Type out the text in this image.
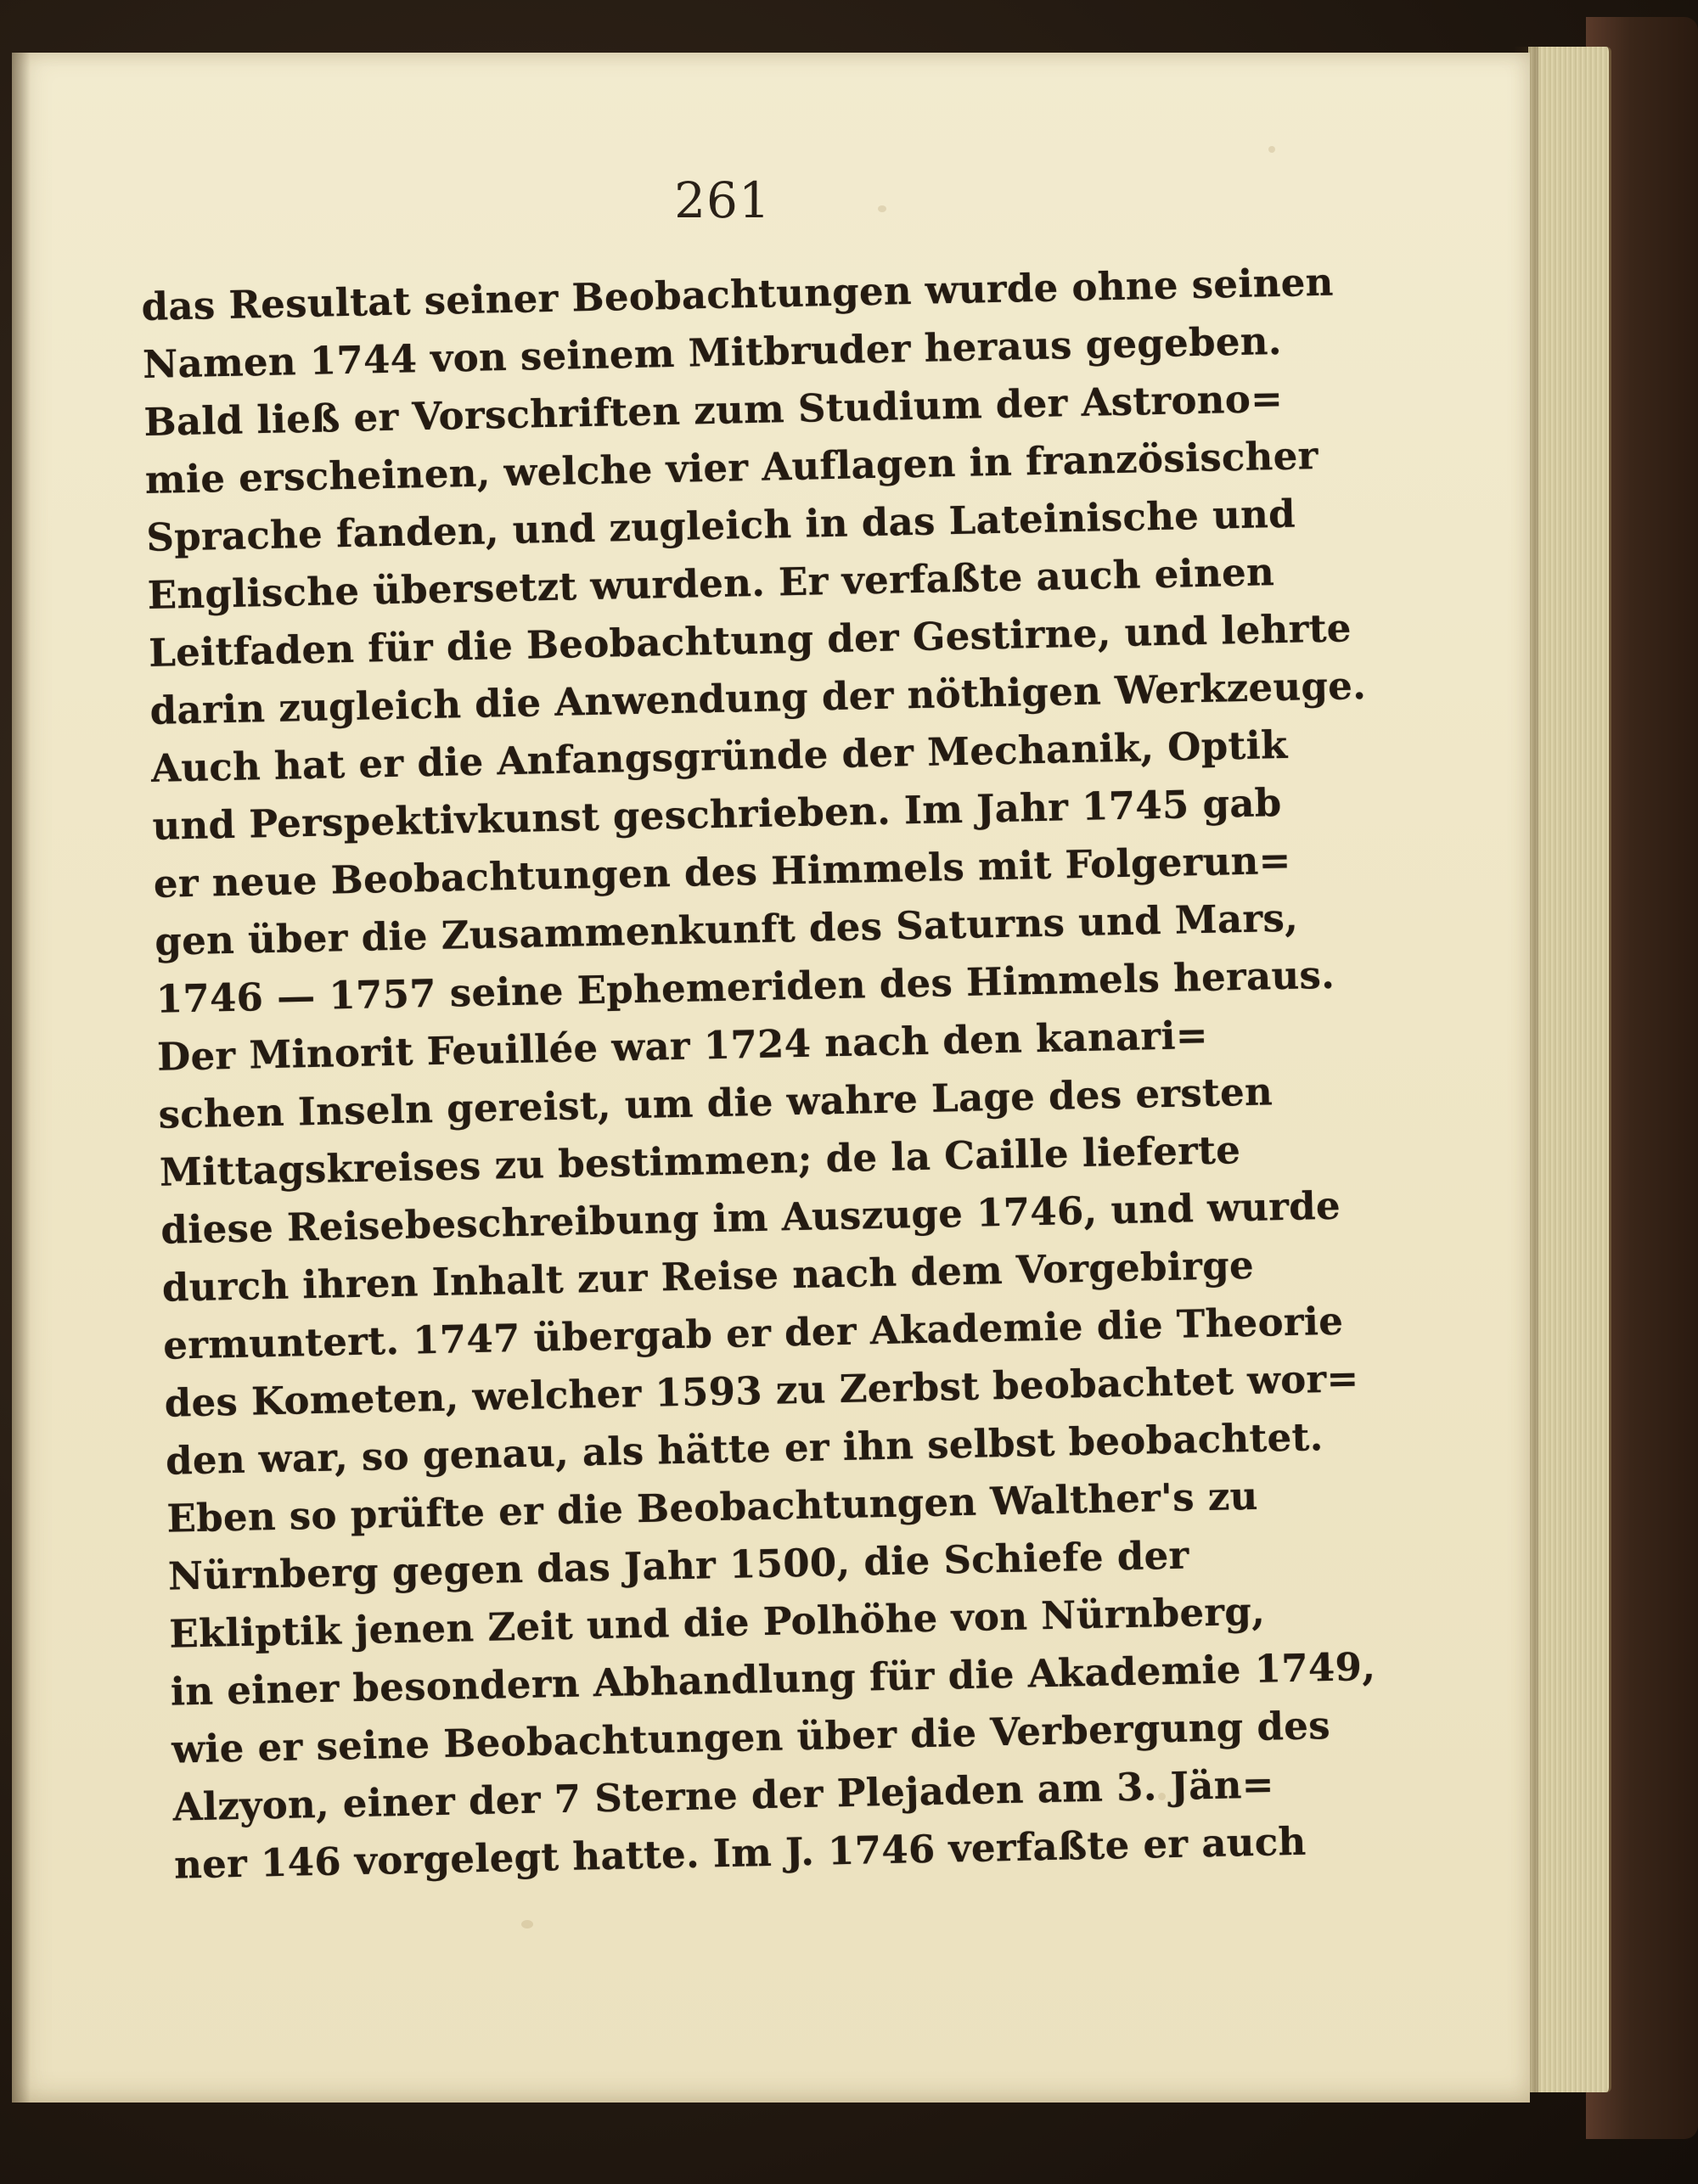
261
das Resultat seiner Beobachtungen wurde ohne seinen
Namen 1744 von seinem Mitbruder heraus gegeben.
Bald ließ er Vorschriften zum Studium der Astrono=
mie erscheinen, welche vier Auflagen in französischer
Sprache fanden, und zugleich in das Lateinische und
Englische übersetzt wurden. Er verfaßte auch einen
Leitfaden für die Beobachtung der Gestirne, und lehrte
darin zugleich die Anwendung der nöthigen Werkzeuge.
Auch hat er die Anfangsgründe der Mechanik, Optik
und Perspektivkunst geschrieben. Im Jahr 1745 gab
er neue Beobachtungen des Himmels mit Folgerun=
gen über die Zusammenkunft des Saturns und Mars,
1746 — 1757 seine Ephemeriden des Himmels heraus.
Der Minorit Feuillée war 1724 nach den kanari=
schen Inseln gereist, um die wahre Lage des ersten
Mittagskreises zu bestimmen; de la Caille lieferte
diese Reisebeschreibung im Auszuge 1746, und wurde
durch ihren Inhalt zur Reise nach dem Vorgebirge
ermuntert. 1747 übergab er der Akademie die Theorie
des Kometen, welcher 1593 zu Zerbst beobachtet wor=
den war, so genau, als hätte er ihn selbst beobachtet.
Eben so prüfte er die Beobachtungen Walther's zu
Nürnberg gegen das Jahr 1500, die Schiefe der
Ekliptik jenen Zeit und die Polhöhe von Nürnberg,
in einer besondern Abhandlung für die Akademie 1749,
wie er seine Beobachtungen über die Verbergung des
Alzyon, einer der 7 Sterne der Plejaden am 3. Jän=
ner 146 vorgelegt hatte. Im J. 1746 verfaßte er auch
